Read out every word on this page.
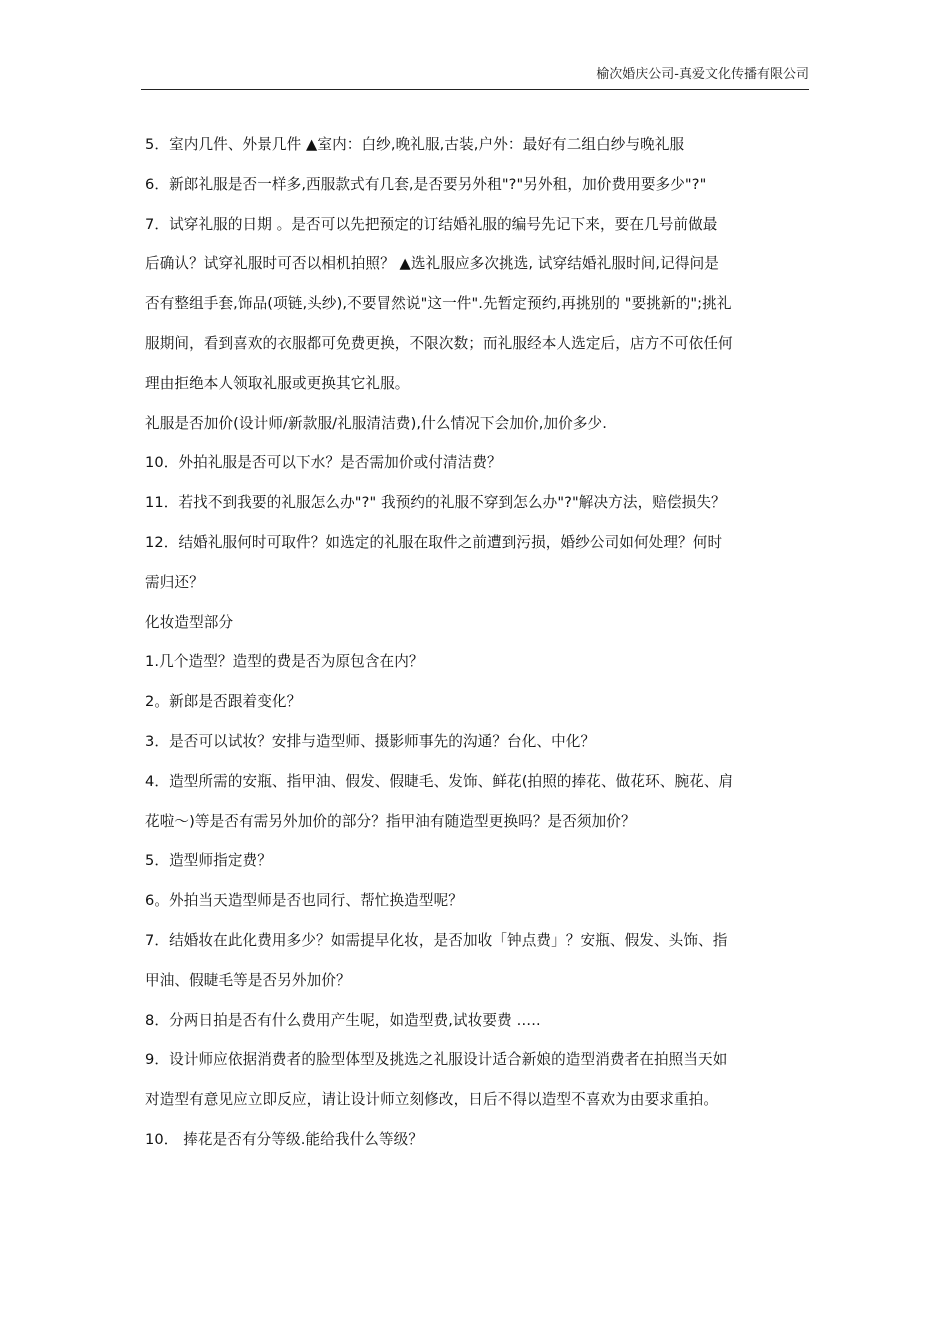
榆次婚庆公司-真爱文化传播有限公司

5．室内几件、外景几件 ▲室内：白纱,晚礼服,古装,户外：最好有二组白纱与晚礼服

6．新郎礼服是否一样多,西服款式有几套,是否要另外租"?"另外租，加价费用要多少"?"

7．试穿礼服的日期 。是否可以先把预定的订结婚礼服的编号先记下来，要在几号前做最

后确认？试穿礼服时可否以相机拍照？ ▲选礼服应多次挑选, 试穿结婚礼服时间,记得问是

否有整组手套,饰品(项链,头纱),不要冒然说"这一件".先暂定预约,再挑别的 "要挑新的";挑礼

服期间，看到喜欢的衣服都可免费更换，不限次数；而礼服经本人选定后，店方不可依任何

理由拒绝本人领取礼服或更换其它礼服。

礼服是否加价(设计师/新款服/礼服清洁费),什么情况下会加价,加价多少.

10．外拍礼服是否可以下水？是否需加价或付清洁费？

11．若找不到我要的礼服怎么办"?" 我预约的礼服不穿到怎么办"?"解决方法，赔偿损失？

12．结婚礼服何时可取件？如选定的礼服在取件之前遭到污损，婚纱公司如何处理？何时

需归还？

化妆造型部分

1.几个造型？造型的费是否为原包含在内？

2。新郎是否跟着变化？

3．是否可以试妆？安排与造型师、摄影师事先的沟通？台化、中化？

4．造型所需的安瓶、指甲油、假发、假睫毛、发饰、鲜花(拍照的捧花、做花环、腕花、肩

花啦～)等是否有需另外加价的部分？指甲油有随造型更换吗？是否须加价？

5．造型师指定费？

6。外拍当天造型师是否也同行、帮忙换造型呢？

7．结婚妆在此化费用多少？如需提早化妆，是否加收「钟点费」？安瓶、假发、头饰、指

甲油、假睫毛等是否另外加价？

8．分两日拍是否有什么费用产生呢，如造型费,试妆要费 …..

9．设计师应依据消费者的脸型体型及挑选之礼服设计适合新娘的造型消费者在拍照当天如

对造型有意见应立即反应，请让设计师立刻修改，日后不得以造型不喜欢为由要求重拍。

10． 捧花是否有分等级.能给我什么等级？
